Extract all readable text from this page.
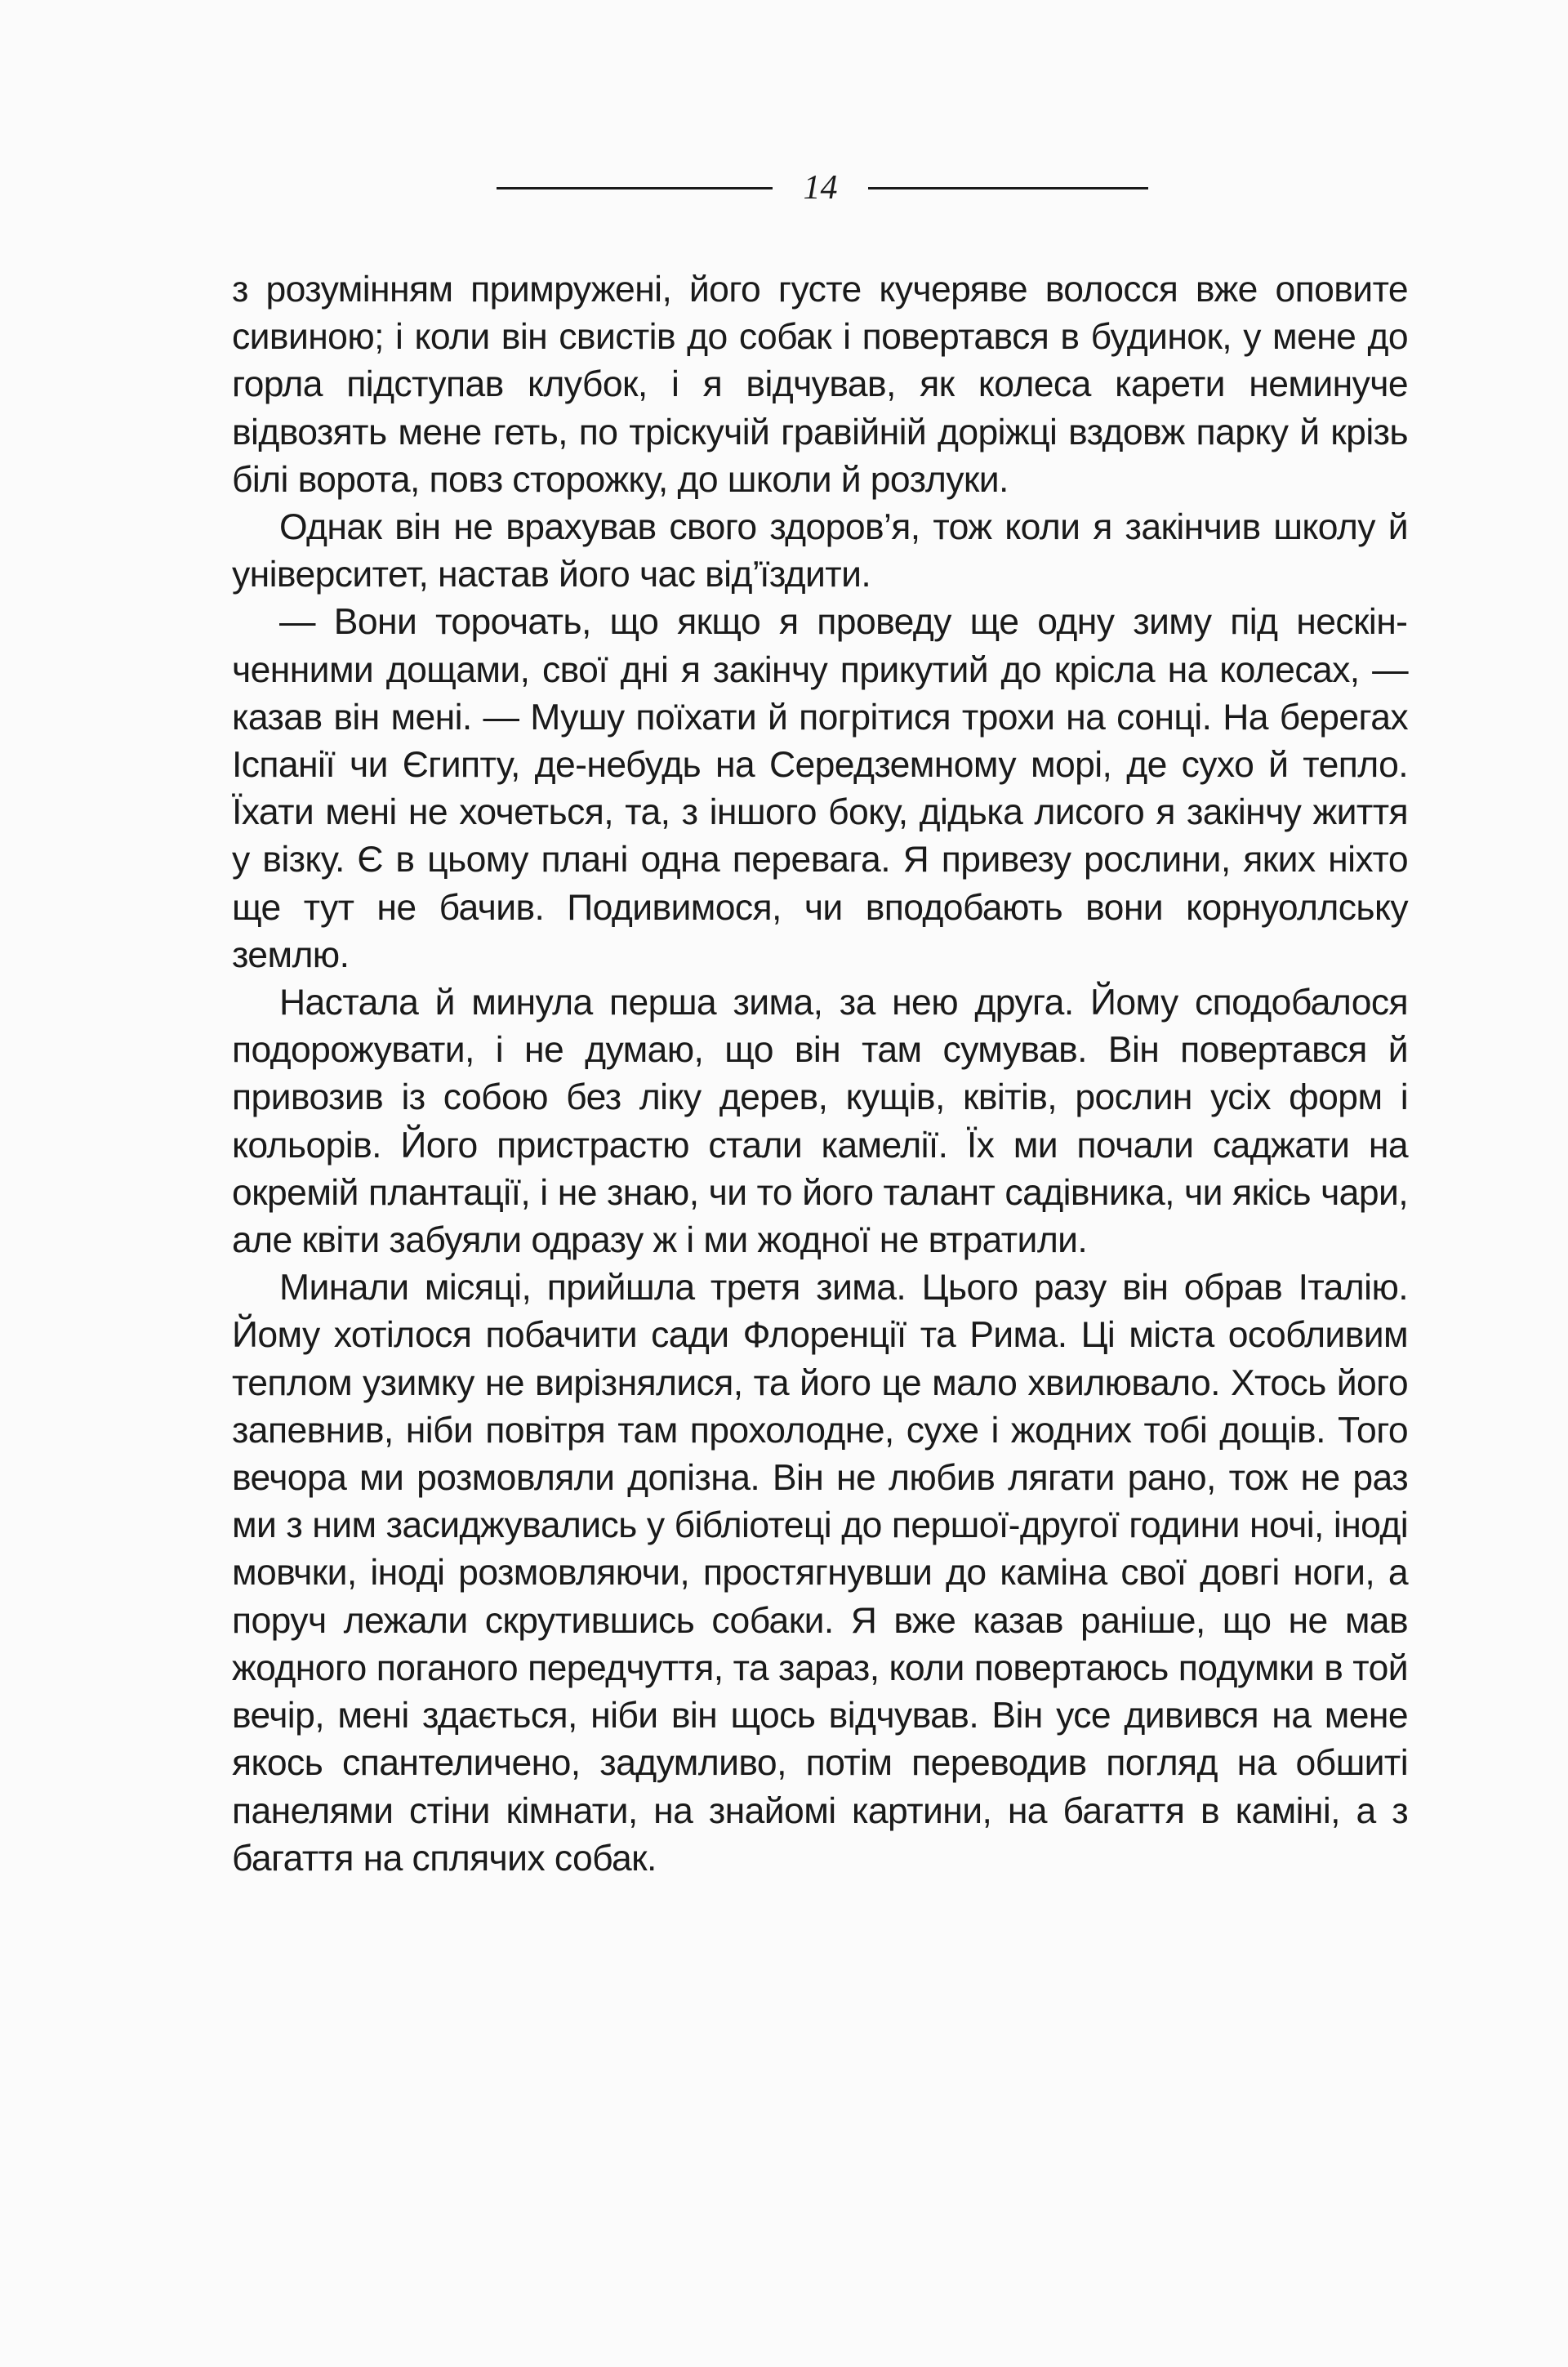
14

з розумінням примружені, його густе кучеряве волосся вже оповите сивиною; і коли він свистів до собак і повертався в будинок, у мене до горла підступав клубок, і я відчував, як колеса карети неминуче відвозять мене геть, по тріскучій гравійній доріжці вздовж парку й крізь білі ворота, повз сторожку, до школи й розлуки.

Однак він не врахував свого здоров’я, тож коли я закінчив школу й університет, настав його час від’їздити.

— Вони торочать, що якщо я проведу ще одну зиму під нескінченними дощами, свої дні я закінчу прикутий до крісла на колесах, — казав він мені. — Мушу поїхати й погрітися трохи на сонці. На берегах Іспанії чи Єгипту, де-небудь на Середземному морі, де сухо й тепло. Їхати мені не хочеться, та, з іншого боку, дідька лисого я закінчу життя у візку. Є в цьому плані одна перевага. Я привезу рослини, яких ніхто ще тут не бачив. Подивимося, чи вподобають вони корнуоллську землю.

Настала й минула перша зима, за нею друга. Йому сподобалося подорожувати, і не думаю, що він там сумував. Він повертався й привозив із собою без ліку дерев, кущів, квітів, рослин усіх форм і кольорів. Його пристрастю стали камелії. Їх ми почали саджати на окремій плантації, і не знаю, чи то його талант садівника, чи якісь чари, але квіти забуяли одразу ж і ми жодної не втратили.

Минали місяці, прийшла третя зима. Цього разу він обрав Італію. Йому хотілося побачити сади Флоренції та Рима. Ці міста особливим теплом узимку не вирізнялися, та його це мало хвилювало. Хтось його запевнив, ніби повітря там прохолодне, сухе і жодних тобі дощів. Того вечора ми розмовляли допізна. Він не любив лягати рано, тож не раз ми з ним засиджувались у бібліотеці до першої-другої години ночі, іноді мовчки, іноді розмовляючи, простягнувши до каміна свої довгі ноги, а поруч лежали скрутившись собаки. Я вже казав раніше, що не мав жодного поганого передчуття, та зараз, коли повертаюсь подумки в той вечір, мені здається, ніби він щось відчував. Він усе дивився на мене якось спантеличено, задумливо, потім переводив погляд на обшиті панелями стіни кімнати, на знайомі картини, на багаття в каміні, а з багаття на сплячих собак.
